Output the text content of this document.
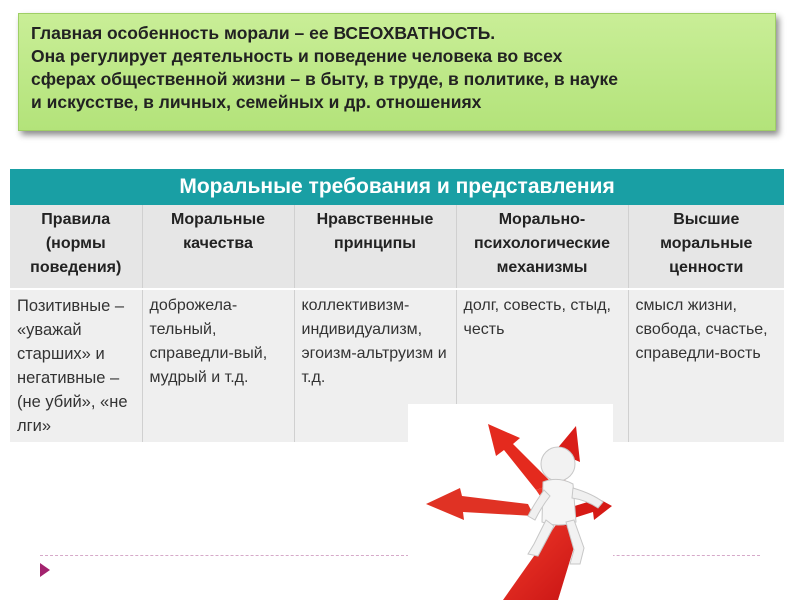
Главная особенность морали – ее ВСЕОХВАТНОСТЬ.
Она регулирует деятельность и поведение человека во всех
сферах общественной жизни – в быту, в труде, в политике, в науке
и искусстве, в личных, семейных и др. отношениях
Моральные требования и представления				
Правила (нормы поведения)	Моральные качества	Нравственные принципы	Морально-психологические механизмы	Высшие моральные ценности
Позитивные – «уважай старших» и негативные – (не убий», «не лги»	доброжела-тельный, справедли-вый, мудрый и т.д.	коллективизм-индивидуализм, эгоизм-альтруизм и т.д.	долг, совесть, стыд, честь	смысл жизни, свобода, счастье, справедли-вость
